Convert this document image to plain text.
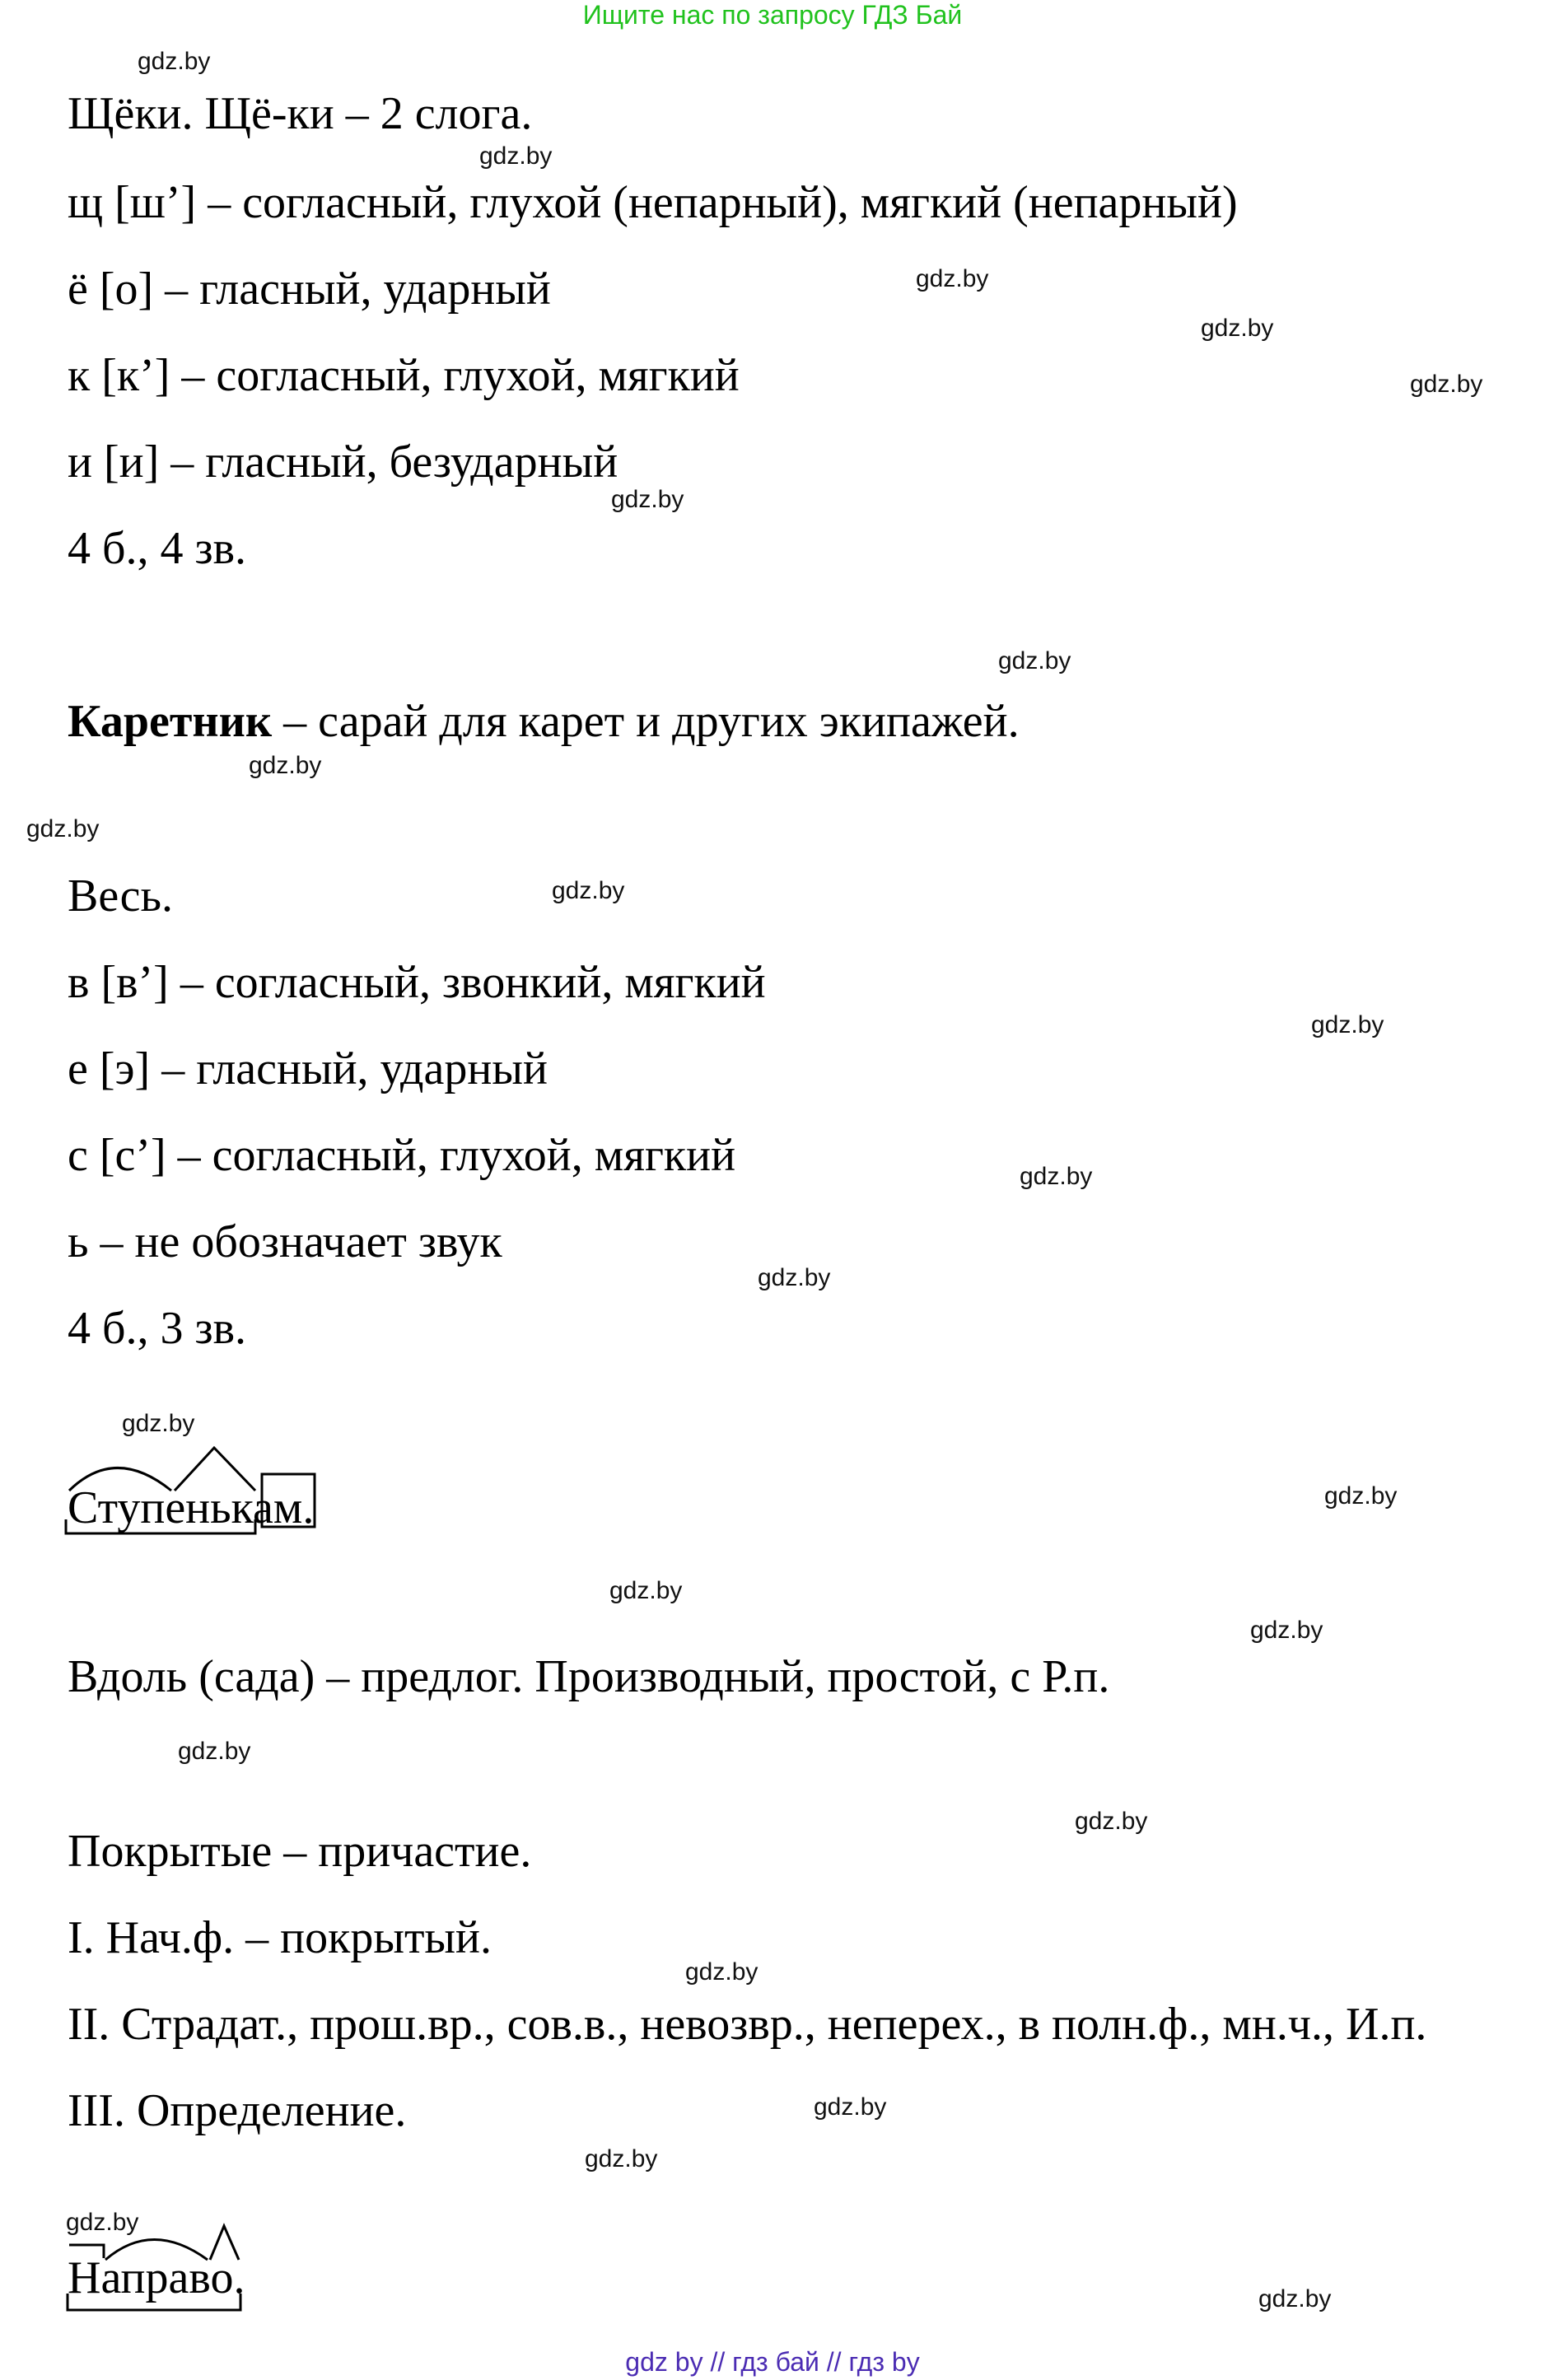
Ищите нас по запросу ГДЗ Бай
gdz by // гдз бай // гдз by
Щёки. Щё-ки – 2 слога.
щ [ш’] – согласный, глухой (непарный), мягкий (непарный)
ё [о] – гласный, ударный
к [к’] – согласный, глухой, мягкий
и [и] – гласный, безударный
4 б., 4 зв.
Каретник – сарай для карет и других экипажей.
Весь.
в [в’] – согласный, звонкий, мягкий
е [э] – гласный, ударный
с [с’] – согласный, глухой, мягкий
ь – не обозначает звук
4 б., 3 зв.
Ступенькам.
Вдоль (сада) – предлог. Производный, простой, с Р.п.
Покрытые – причастие.
I. Нач.ф. – покрытый.
II. Страдат., прош.вр., сов.в., невозвр., неперех., в полн.ф., мн.ч., И.п.
III. Определение.
Направо.
gdz.by
gdz.by
gdz.by
gdz.by
gdz.by
gdz.by
gdz.by
gdz.by
gdz.by
gdz.by
gdz.by
gdz.by
gdz.by
gdz.by
gdz.by
gdz.by
gdz.by
gdz.by
gdz.by
gdz.by
gdz.by
gdz.by
gdz.by
gdz.by
